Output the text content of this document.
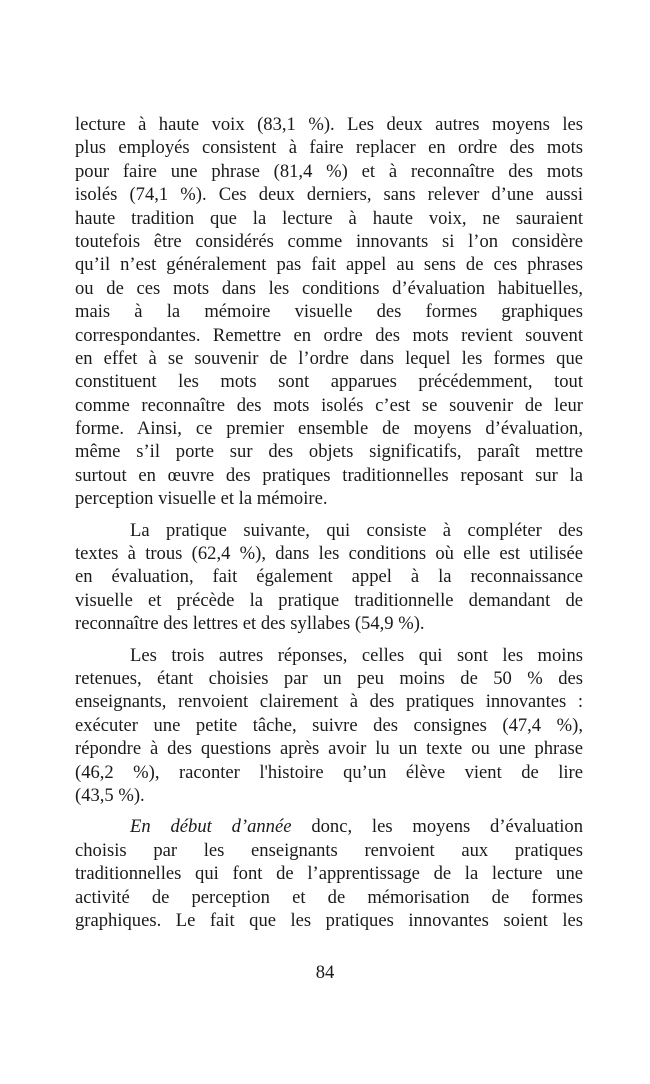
lecture à haute voix (83,1 %). Les deux autres moyens les
plus employés consistent à faire replacer en ordre des mots
pour faire une phrase (81,4 %) et à reconnaître des mots
isolés (74,1 %). Ces deux derniers, sans relever d’une aussi
haute tradition que la lecture à haute voix, ne sauraient
toutefois être considérés comme innovants si l’on considère
qu’il n’est généralement pas fait appel au sens de ces phrases
ou de ces mots dans les conditions d’évaluation habituelles,
mais à la mémoire visuelle des formes graphiques
correspondantes. Remettre en ordre des mots revient souvent
en effet à se souvenir de l’ordre dans lequel les formes que
constituent les mots sont apparues précédemment, tout
comme reconnaître des mots isolés c’est se souvenir de leur
forme. Ainsi, ce premier ensemble de moyens d’évaluation,
même s’il porte sur des objets significatifs, paraît mettre
surtout en œuvre des pratiques traditionnelles reposant sur la
perception visuelle et la mémoire.
La pratique suivante, qui consiste à compléter des
textes à trous (62,4 %), dans les conditions où elle est utilisée
en évaluation, fait également appel à la reconnaissance
visuelle et précède la pratique traditionnelle demandant de
reconnaître des lettres et des syllabes (54,9 %).
Les trois autres réponses, celles qui sont les moins
retenues, étant choisies par un peu moins de 50 % des
enseignants, renvoient clairement à des pratiques innovantes :
exécuter une petite tâche, suivre des consignes (47,4 %),
répondre à des questions après avoir lu un texte ou une phrase
(46,2 %), raconter l'histoire qu’un élève vient de lire
(43,5 %).
En début d’année donc, les moyens d’évaluation
choisis par les enseignants renvoient aux pratiques
traditionnelles qui font de l’apprentissage de la lecture une
activité de perception et de mémorisation de formes
graphiques. Le fait que les pratiques innovantes soient les
84
